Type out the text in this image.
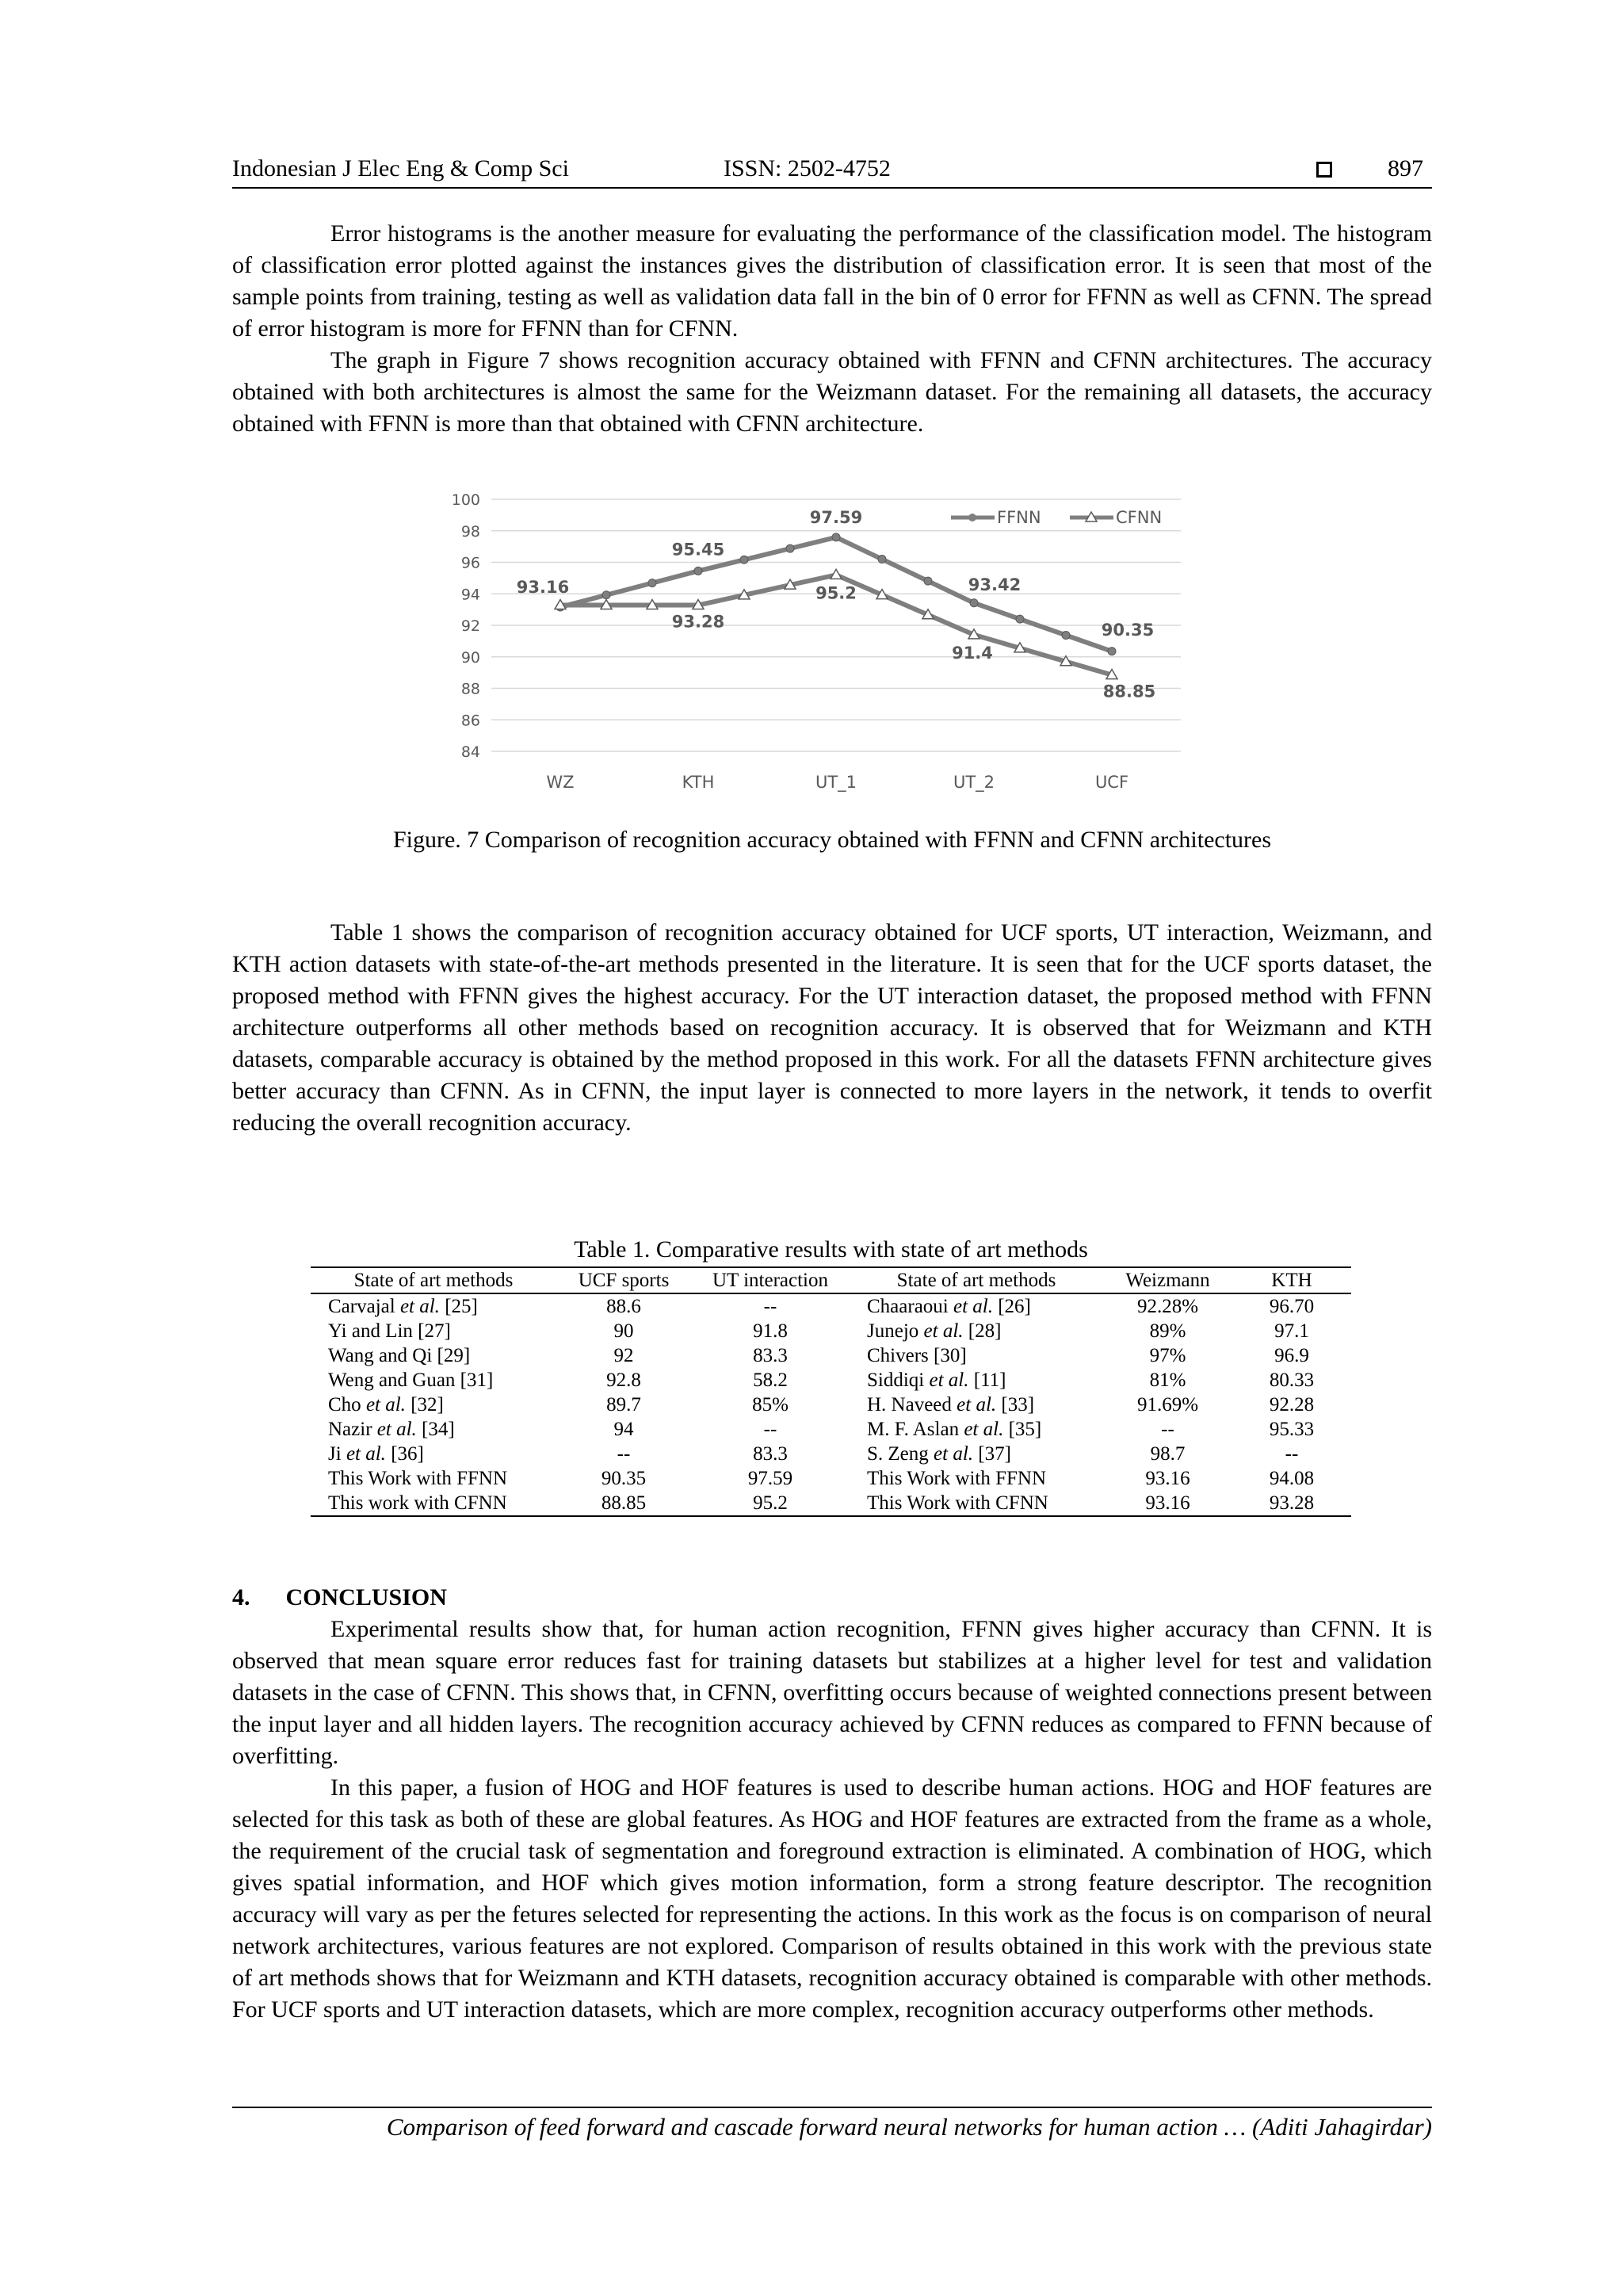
Indonesian J Elec Eng & Comp Sci	ISSN: 2502-4752	897

Error histograms is the another measure for evaluating the performance of the classification model. The histogram of classification error plotted against the instances gives the distribution of classification error. It is seen that most of the sample points from training, testing as well as validation data fall in the bin of 0 error for FFNN as well as CFNN. The spread of error histogram is more for FFNN than for CFNN.

The graph in Figure 7 shows recognition accuracy obtained with FFNN and CFNN architectures. The accuracy obtained with both architectures is almost the same for the Weizmann dataset. For the remaining all datasets, the accuracy obtained with FFNN is more than that obtained with CFNN architecture.

84
86
88
90
92
94
96
98
100
WZ	KTH	UT_1	UT_2	UCF
93.16
95.45
97.59
93.42
90.35
93.28
95.2
91.4
88.85
FFNN	CFNN
Figure. 7 Comparison of recognition accuracy obtained with FFNN and CFNN architectures

Table 1 shows the comparison of recognition accuracy obtained for UCF sports, UT interaction, Weizmann, and KTH action datasets with state-of-the-art methods presented in the literature. It is seen that for the UCF sports dataset, the proposed method with FFNN gives the highest accuracy. For the UT interaction dataset, the proposed method with FFNN architecture outperforms all other methods based on recognition accuracy. It is observed that for Weizmann and KTH datasets, comparable accuracy is obtained by the method proposed in this work. For all the datasets FFNN architecture gives better accuracy than CFNN. As in CFNN, the input layer is connected to more layers in the network, it tends to overfit reducing the overall recognition accuracy.

Table 1. Comparative results with state of art methods
State of art methods	UCF sports	UT interaction	State of art methods	Weizmann	KTH
Carvajal et al. [25]	88.6	--	Chaaraoui et al. [26]	92.28%	96.70
Yi and Lin [27]	90	91.8	Junejo et al. [28]	89%	97.1
Wang and Qi [29]	92	83.3	Chivers [30]	97%	96.9
Weng and Guan [31]	92.8	58.2	Siddiqi et al. [11]	81%	80.33
Cho et al. [32]	89.7	85%	H. Naveed et al. [33]	91.69%	92.28
Nazir et al. [34]	94	--	M. F. Aslan et al. [35]	--	95.33
Ji et al. [36]	--	83.3	S. Zeng et al. [37]	98.7	--
This Work with FFNN	90.35	97.59	This Work with FFNN	93.16	94.08
This work with CFNN	88.85	95.2	This Work with CFNN	93.16	93.28
4.      CONCLUSION

Experimental results show that, for human action recognition, FFNN gives higher accuracy than CFNN. It is observed that mean square error reduces fast for training datasets but stabilizes at a higher level for test and validation datasets in the case of CFNN. This shows that, in CFNN, overfitting occurs because of weighted connections present between the input layer and all hidden layers. The recognition accuracy achieved by CFNN reduces as compared to FFNN because of overfitting.

In this paper, a fusion of HOG and HOF features is used to describe human actions. HOG and HOF features are selected for this task as both of these are global features. As HOG and HOF features are extracted from the frame as a whole, the requirement of the crucial task of segmentation and foreground extraction is eliminated. A combination of HOG, which gives spatial information, and HOF which gives motion information, form a strong feature descriptor. The recognition accuracy will vary as per the fetures selected for representing the actions. In this work as the focus is on comparison of neural network architectures, various features are not explored. Comparison of results obtained in this work with the previous state of art methods shows that for Weizmann and KTH datasets, recognition accuracy obtained is comparable with other methods. For UCF sports and UT interaction datasets, which are more complex, recognition accuracy outperforms other methods.

Comparison of feed forward and cascade forward neural networks for human action … (Aditi Jahagirdar)
